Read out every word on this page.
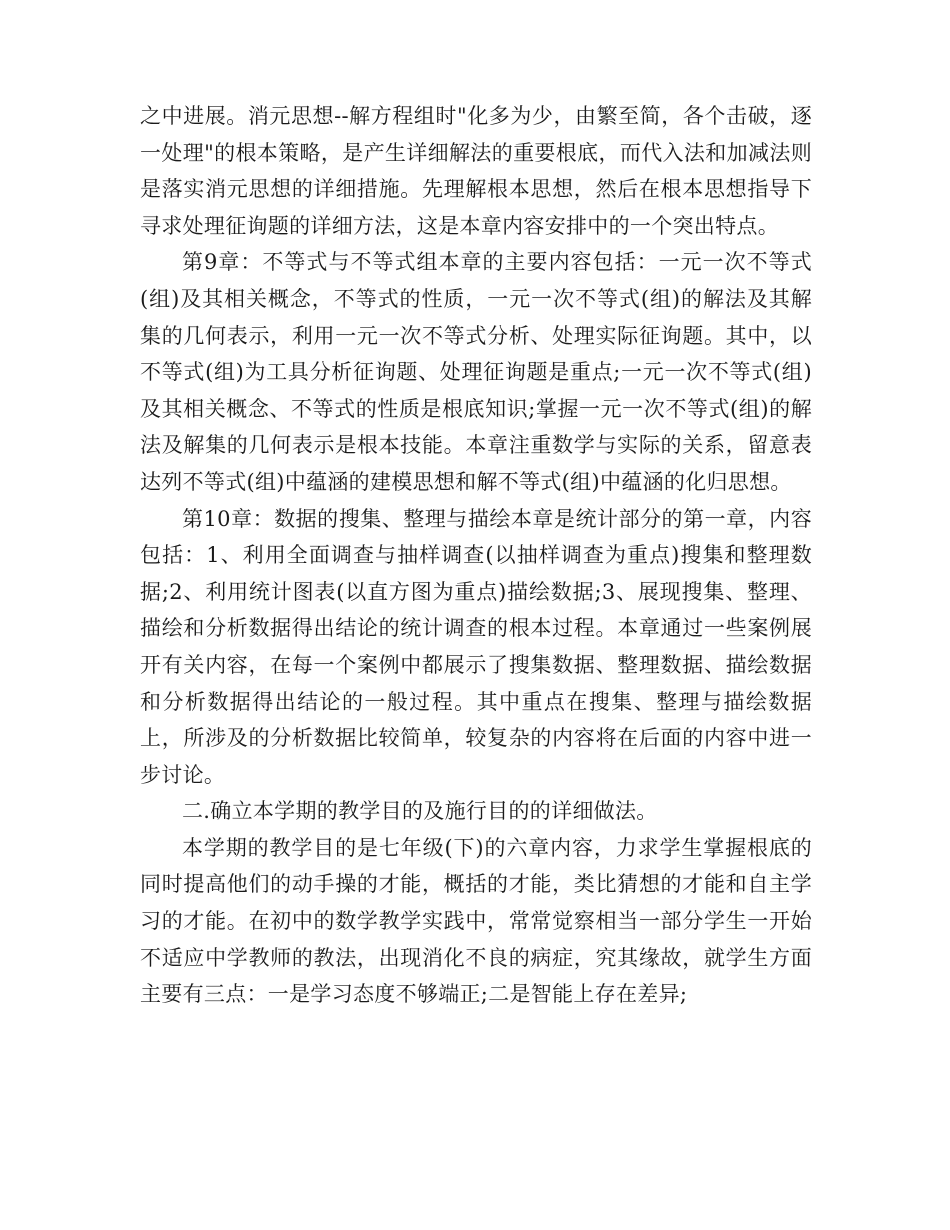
之中进展。消元思想--解方程组时"化多为少，由繁至简，各个击破，逐一处理"的根本策略，是产生详细解法的重要根底，而代入法和加减法则是落实消元思想的详细措施。先理解根本思想，然后在根本思想指导下寻求处理征询题的详细方法，这是本章内容安排中的一个突出特点。

第9章：不等式与不等式组本章的主要内容包括：一元一次不等式(组)及其相关概念，不等式的性质，一元一次不等式(组)的解法及其解集的几何表示，利用一元一次不等式分析、处理实际征询题。其中，以不等式(组)为工具分析征询题、处理征询题是重点;一元一次不等式(组)及其相关概念、不等式的性质是根底知识;掌握一元一次不等式(组)的解法及解集的几何表示是根本技能。本章注重数学与实际的关系，留意表达列不等式(组)中蕴涵的建模思想和解不等式(组)中蕴涵的化归思想。

第10章：数据的搜集、整理与描绘本章是统计部分的第一章，内容包括：1、利用全面调查与抽样调查(以抽样调查为重点)搜集和整理数据;2、利用统计图表(以直方图为重点)描绘数据;3、展现搜集、整理、描绘和分析数据得出结论的统计调查的根本过程。本章通过一些案例展开有关内容，在每一个案例中都展示了搜集数据、整理数据、描绘数据和分析数据得出结论的一般过程。其中重点在搜集、整理与描绘数据上，所涉及的分析数据比较简单，较复杂的内容将在后面的内容中进一步讨论。

二.确立本学期的教学目的及施行目的的详细做法。

本学期的教学目的是七年级(下)的六章内容，力求学生掌握根底的同时提高他们的动手操的才能，概括的才能，类比猜想的才能和自主学习的才能。在初中的数学教学实践中，常常觉察相当一部分学生一开始不适应中学教师的教法，出现消化不良的病症，究其缘故，就学生方面主要有三点：一是学习态度不够端正;二是智能上存在差异;
